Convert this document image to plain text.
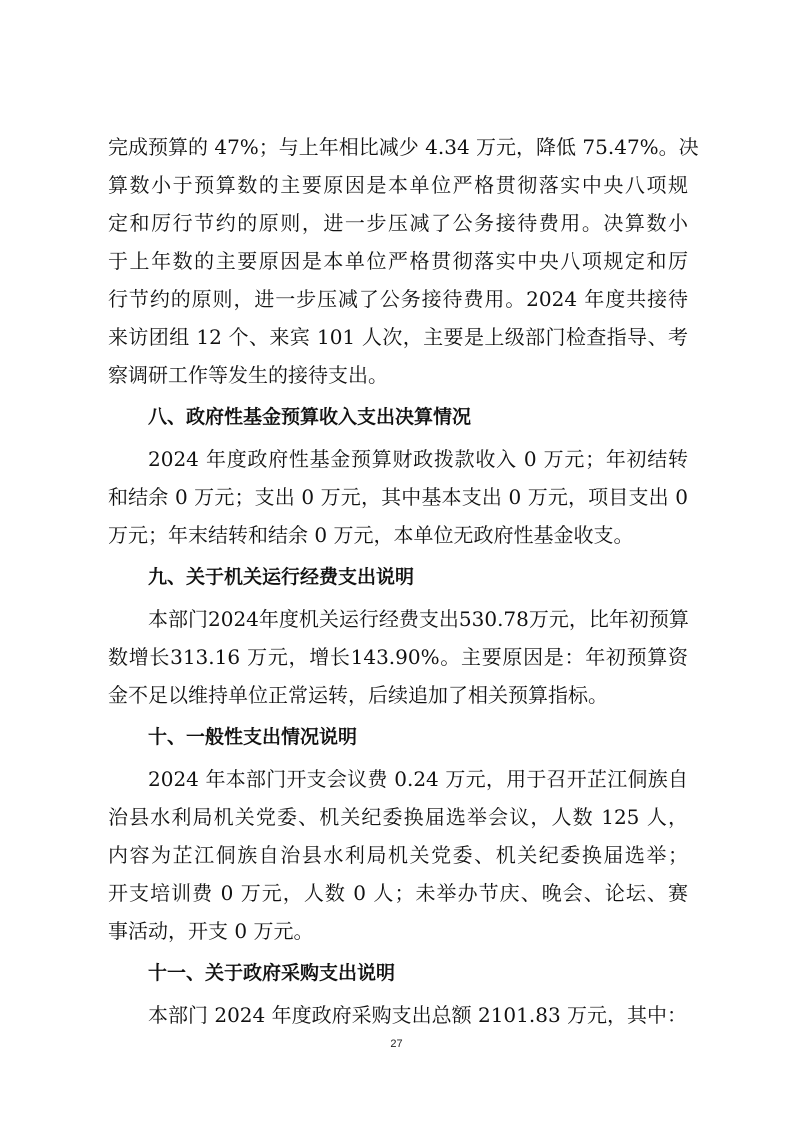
完成预算的 47%；与上年相比减少 4.34 万元，降低 75.47%。决
算数小于预算数的主要原因是本单位严格贯彻落实中央八项规
定和厉行节约的原则，进一步压减了公务接待费用。决算数小
于上年数的主要原因是本单位严格贯彻落实中央八项规定和厉
行节约的原则，进一步压减了公务接待费用。2024 年度共接待
来访团组 12 个、来宾 101 人次，主要是上级部门检查指导、考
察调研工作等发生的接待支出。
八、政府性基金预算收入支出决算情况
2024 年度政府性基金预算财政拨款收入 0 万元；年初结转
和结余 0 万元；支出 0 万元，其中基本支出 0 万元，项目支出 0
万元；年末结转和结余 0 万元，本单位无政府性基金收支。
九、关于机关运行经费支出说明
本部门2024年度机关运行经费支出530.78万元，比年初预算
数增长313.16 万元，增长143.90%。主要原因是：年初预算资
金不足以维持单位正常运转，后续追加了相关预算指标。
十、一般性支出情况说明
2024 年本部门开支会议费 0.24 万元，用于召开芷江侗族自
治县水利局机关党委、机关纪委换届选举会议，人数 125 人，
内容为芷江侗族自治县水利局机关党委、机关纪委换届选举；
开支培训费 0 万元，人数 0 人；未举办节庆、晚会、论坛、赛
事活动，开支 0 万元。
十一、关于政府采购支出说明
本部门 2024 年度政府采购支出总额 2101.83 万元，其中：
27
